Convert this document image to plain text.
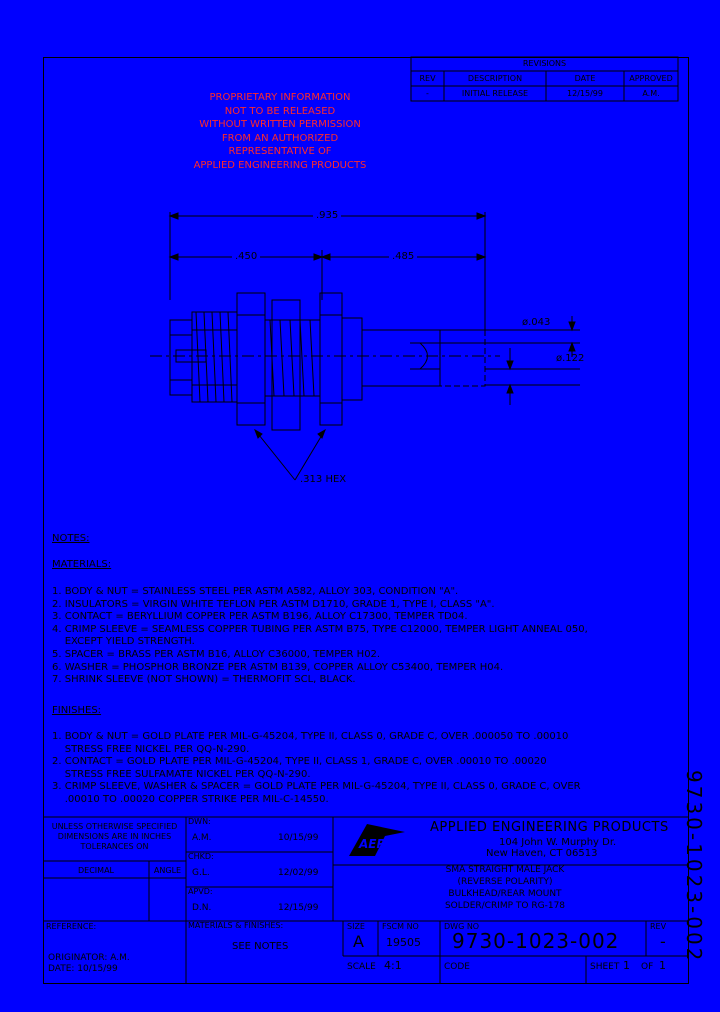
REVISIONS
REV	DESCRIPTION	DATE	APPROVED
-	INITIAL RELEASE	12/15/99	A.M.
PROPRIETARY INFORMATION
NOT TO BE RELEASED
WITHOUT WRITTEN PERMISSION
FROM AN AUTHORIZED
REPRESENTATIVE OF
APPLIED ENGINEERING PRODUCTS
.935
.450	.485
ø.043
ø.122
.313 HEX
NOTES:
MATERIALS:
1. BODY & NUT = STAINLESS STEEL PER ASTM A582, ALLOY 303, CONDITION "A".
2. INSULATORS = VIRGIN WHITE TEFLON PER ASTM D1710, GRADE 1, TYPE I, CLASS "A".
3. CONTACT = BERYLLIUM COPPER PER ASTM B196, ALLOY C17300, TEMPER TD04.
4. CRIMP SLEEVE = SEAMLESS COPPER TUBING PER ASTM B75, TYPE C12000, TEMPER LIGHT ANNEAL 050,
EXCEPT YIELD STRENGTH.
5. SPACER = BRASS PER ASTM B16, ALLOY C36000, TEMPER H02.
6. WASHER = PHOSPHOR BRONZE PER ASTM B139, COPPER ALLOY C53400, TEMPER H04.
7. SHRINK SLEEVE (NOT SHOWN) = THERMOFIT SCL, BLACK.
FINISHES:
1. BODY & NUT = GOLD PLATE PER MIL-G-45204, TYPE II, CLASS 0, GRADE C, OVER .000050 TO .00010
STRESS FREE NICKEL PER QQ-N-290.
2. CONTACT = GOLD PLATE PER MIL-G-45204, TYPE II, CLASS 1, GRADE C, OVER .00010 TO .00020
STRESS FREE SULFAMATE NICKEL PER QQ-N-290.
3. CRIMP SLEEVE, WASHER & SPACER = GOLD PLATE PER MIL-G-45204, TYPE II, CLASS 0, GRADE C, OVER
.00010 TO .00020 COPPER STRIKE PER MIL-C-14550.
UNLESS OTHERWISE SPECIFIED
DIMENSIONS ARE IN INCHES
TOLERANCES ON
DECIMAL	ANGLE
REFERENCE:
ORIGINATOR: A.M.
DATE: 10/15/99
DWN:
A.M.	10/15/99
CHKD:
G.L.	12/02/99
APVD:
D.N.	12/15/99
AEP
APPLIED ENGINEERING PRODUCTS
104 John W. Murphy Dr.
New Haven, CT 06513
SMA STRAIGHT MALE JACK
(REVERSE POLARITY)
BULKHEAD/REAR MOUNT
SOLDER/CRIMP TO RG-178
MATERIALS & FINISHES:
SEE NOTES
SIZE
A
FSCM NO
19505
DWG NO
9730-1023-002
REV
-
SCALE 4:1	CODE	SHEET 1 OF 1
9730-1023-002
